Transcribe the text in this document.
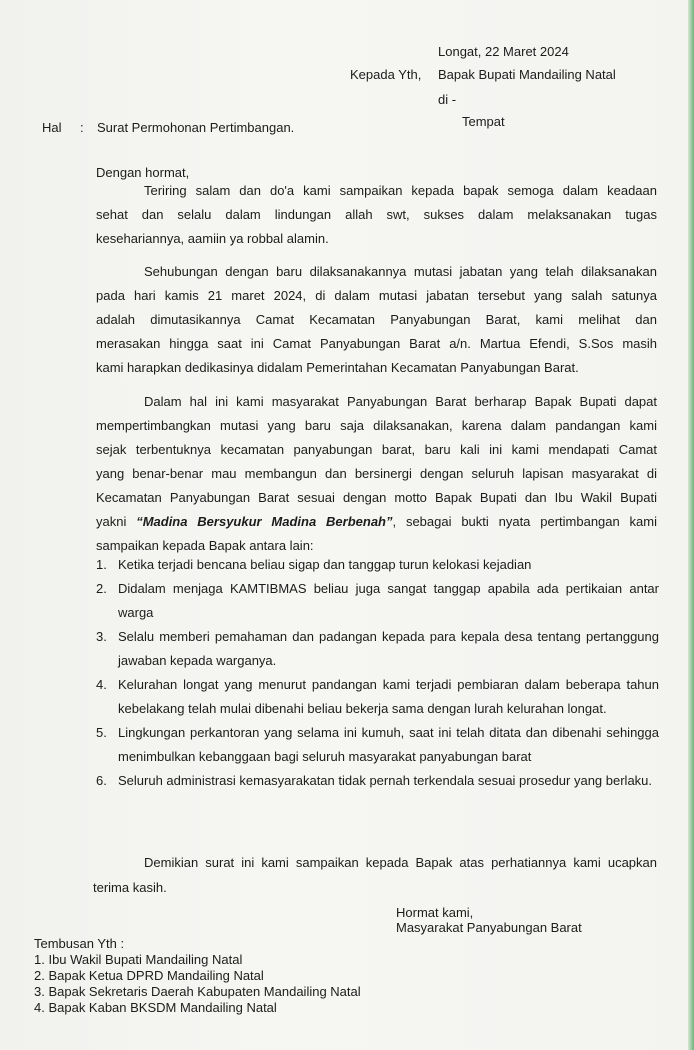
Longat, 22 Maret 2024
Kepada Yth, Bapak Bupati Mandailing Natal
di -
Tempat
Hal : Surat Permohonan Pertimbangan.
Dengan hormat,
Teriring salam dan do'a kami sampaikan kepada bapak semoga dalam keadaan
sehat dan selalu dalam lindungan allah swt, sukses dalam melaksanakan tugas
kesehariannya, aamiin ya robbal alamin.
Sehubungan dengan baru dilaksanakannya mutasi jabatan yang telah dilaksanakan
pada hari kamis 21 maret 2024, di dalam mutasi jabatan tersebut yang salah satunya
adalah dimutasikannya Camat Kecamatan Panyabungan Barat, kami melihat dan
merasakan hingga saat ini Camat Panyabungan Barat a/n. Martua Efendi, S.Sos masih
kami harapkan dedikasinya didalam Pemerintahan Kecamatan Panyabungan Barat.
Dalam hal ini kami masyarakat Panyabungan Barat berharap Bapak Bupati dapat
mempertimbangkan mutasi yang baru saja dilaksanakan, karena dalam pandangan kami
sejak terbentuknya kecamatan panyabungan barat, baru kali ini kami mendapati Camat
yang benar-benar mau membangun dan bersinergi dengan seluruh lapisan masyarakat di
Kecamatan Panyabungan Barat sesuai dengan motto Bapak Bupati dan Ibu Wakil Bupati
yakni “Madina Bersyukur Madina Berbenah”, sebagai bukti nyata pertimbangan kami
sampaikan kepada Bapak antara lain:
1. Ketika terjadi bencana beliau sigap dan tanggap turun kelokasi kejadian
2. Didalam menjaga KAMTIBMAS beliau juga sangat tanggap apabila ada pertikaian antar warga
3. Selalu memberi pemahaman dan padangan kepada para kepala desa tentang pertanggung jawaban kepada warganya.
4. Kelurahan longat yang menurut pandangan kami terjadi pembiaran dalam beberapa tahun kebelakang telah mulai dibenahi beliau bekerja sama dengan lurah kelurahan longat.
5. Lingkungan perkantoran yang selama ini kumuh, saat ini telah ditata dan dibenahi sehingga menimbulkan kebanggaan bagi seluruh masyarakat panyabungan barat
6. Seluruh administrasi kemasyarakatan tidak pernah terkendala sesuai prosedur yang berlaku.
Demikian surat ini kami sampaikan kepada Bapak atas perhatiannya kami ucapkan
terima kasih.
Hormat kami,
Masyarakat Panyabungan Barat
Tembusan Yth :
1. Ibu Wakil Bupati Mandailing Natal
2. Bapak Ketua DPRD Mandailing Natal
3. Bapak Sekretaris Daerah Kabupaten Mandailing Natal
4. Bapak Kaban BKSDM Mandailing Natal
